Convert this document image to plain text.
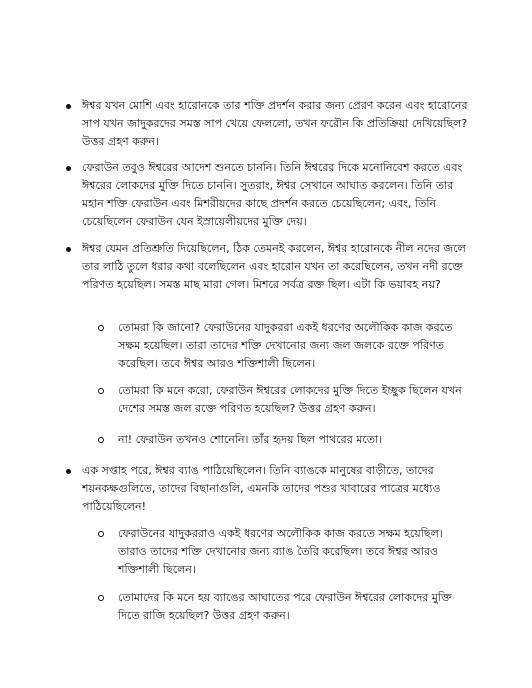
ঈশ্বর যখন মোশি এবং হারোনকে তার শক্তি প্রদর্শন করার জন্য প্রেরণ করেন এবং হারোনের সাপ যখন জাদুকরদের সমস্ত সাপ খেয়ে ফেললো, তখন ফরৌন কি প্রতিক্রিয়া দেখিয়েছিল? উত্তর গ্রহণ করুন।
ফেরাউন তবুও ঈশ্বরের আদেশ শুনতে চাননি। তিনি ঈশ্বরের দিকে মনোনিবেশ করতে এবং ঈশ্বরের লোকদের মুক্তি দিতে চাননি। সুতরাং, ঈশ্বর সেখানে আঘাত করলেন। তিনি তার মহান শক্তি ফেরাউন এবং মিশরীয়দের কাছে প্রদর্শন করতে চেয়েছিলেন; এবং, তিনি চেয়েছিলেন ফেরাউন যেন ইস্রায়েলীয়দের মুক্তি দেয়।
ঈশ্বর যেমন প্রতিশ্রুতি দিয়েছিলেন, ঠিক তেমনই করলেন, ঈশ্বর হারোনকে নীল নদের জলে তার লাঠি তুলে ধরার কথা বলেছিলেন এবং হারোন যখন তা করেছিলেন, তখন নদী রক্তে পরিণত হয়েছিল। সমস্ত মাছ মারা গেল। মিশরে সর্বত্র রক্ত ছিল। এটা কি ভয়াবহ নয়?
তোমরা কি জানো? ফেরাউনের যাদুকররা একই ধরণের অলৌকিক কাজ করতে সক্ষম হয়েছিল। তারা তাদের শক্তি দেখানোর জন্য জল জলকে রক্তে পরিণত করেছিল। তবে ঈশ্বর আরও শক্তিশালী ছিলেন।
তোমরা কি মনে করো, ফেরাউন ঈশ্বরের লোকদের মুক্তি দিতে ইচ্ছুক ছিলেন যখন দেশের সমস্ত জল রক্তে পরিণত হয়েছিল? উত্তর গ্রহণ করুন।
না! ফেরাউন তখনও শোনেনি। তাঁর হৃদয় ছিল পাথরের মতো।
এক সপ্তাহ পরে, ঈশ্বর ব্যাঙ পাঠিয়েছিলেন। তিনি ব্যাঙকে মানুষের বাড়ীতে, তাদের শয়নকক্ষগুলিতে, তাদের বিছানাগুলি, এমনকি তাদের পশুর খাবারের পাত্রের মধ্যেও পাঠিয়েছিলেন!
ফেরাউনের যাদুকররাও একই ধরণের অলৌকিক কাজ করতে সক্ষম হয়েছিল। তারাও তাদের শক্তি দেখানোর জন্য ব্যাঙ তৈরি করেছিল। তবে ঈশ্বর আরও শক্তিশালী ছিলেন।
তোমাদের কি মনে হয় ব্যাঙের আঘাতের পরে ফেরাউন ঈশ্বরের লোকদের মুক্তি দিতে রাজি হয়েছিল? উত্তর গ্রহণ করুন।
